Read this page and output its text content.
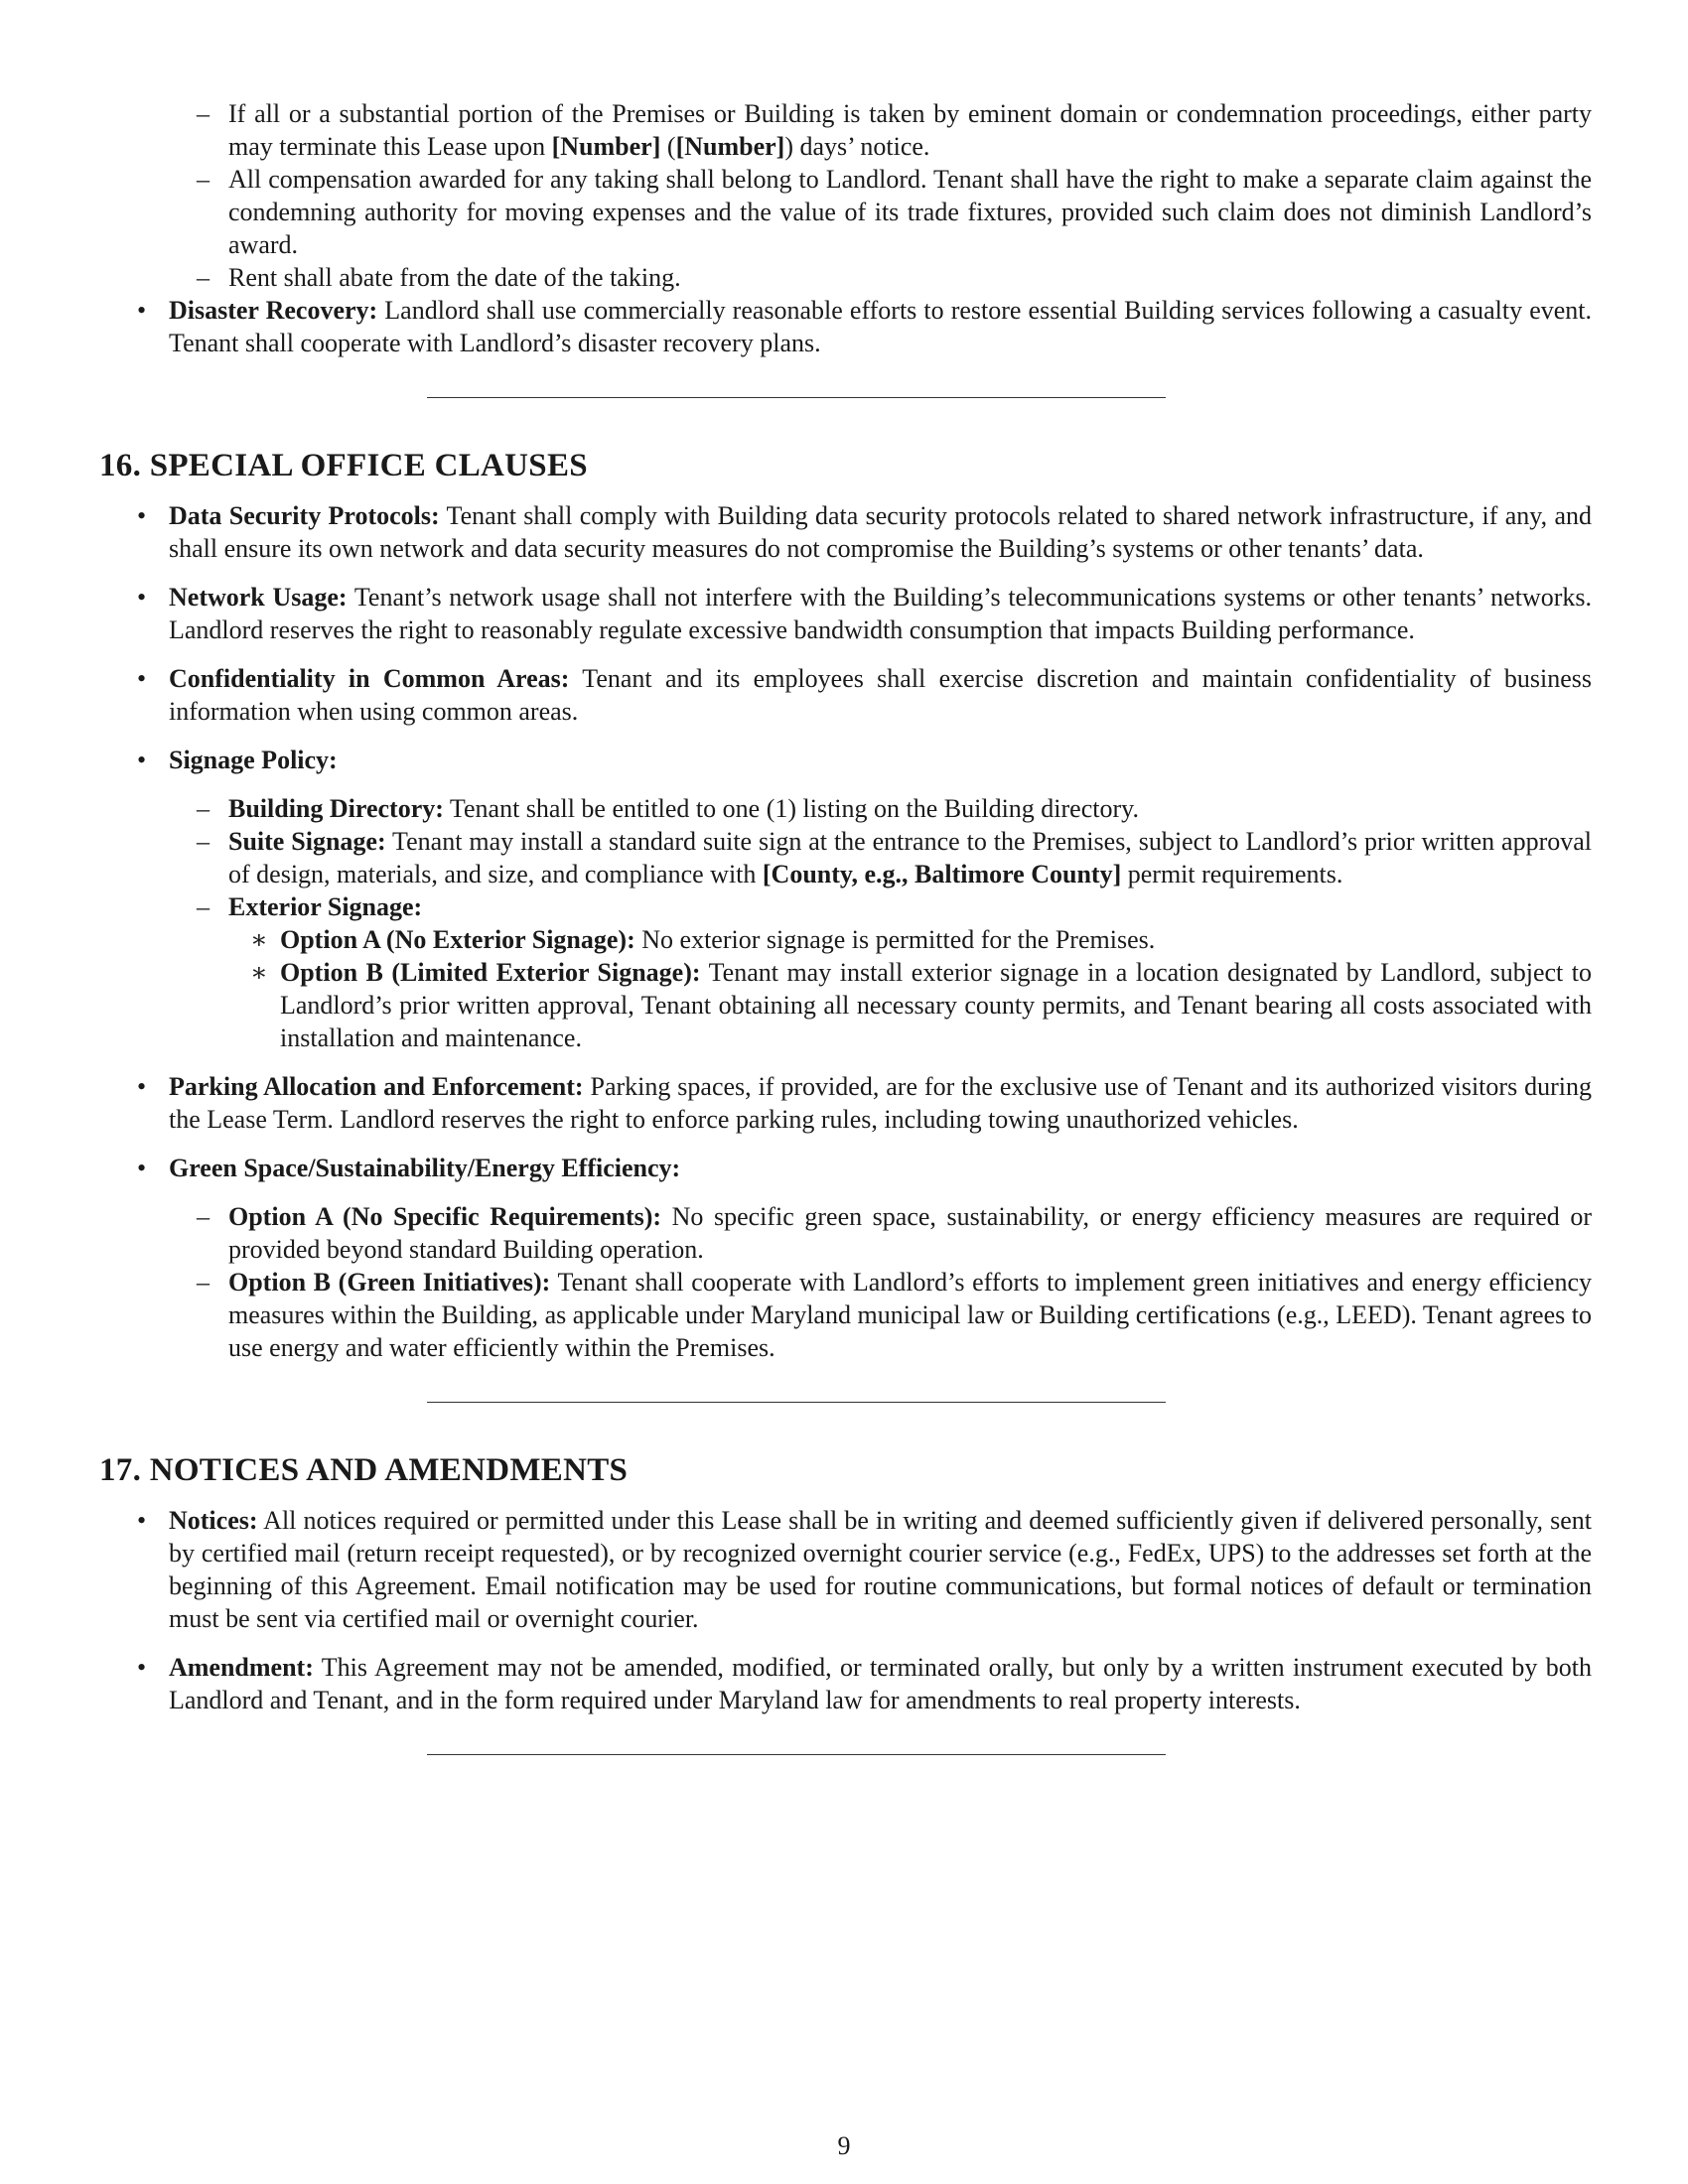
– If all or a substantial portion of the Premises or Building is taken by eminent domain or condemnation proceedings, either party may terminate this Lease upon [Number] ([Number]) days’ notice.
– All compensation awarded for any taking shall belong to Landlord. Tenant shall have the right to make a separate claim against the condemning authority for moving expenses and the value of its trade fixtures, provided such claim does not diminish Landlord’s award.
– Rent shall abate from the date of the taking.
• Disaster Recovery: Landlord shall use commercially reasonable efforts to restore essential Building services following a casualty event. Tenant shall cooperate with Landlord’s disaster recovery plans.
16. SPECIAL OFFICE CLAUSES
• Data Security Protocols: Tenant shall comply with Building data security protocols related to shared network infrastructure, if any, and shall ensure its own network and data security measures do not compromise the Building’s systems or other tenants’ data.
• Network Usage: Tenant’s network usage shall not interfere with the Building’s telecommunications systems or other tenants’ networks. Landlord reserves the right to reasonably regulate excessive bandwidth consumption that impacts Building performance.
• Confidentiality in Common Areas: Tenant and its employees shall exercise discretion and maintain confidentiality of business information when using common areas.
• Signage Policy:
– Building Directory: Tenant shall be entitled to one (1) listing on the Building directory.
– Suite Signage: Tenant may install a standard suite sign at the entrance to the Premises, subject to Landlord’s prior written approval of design, materials, and size, and compliance with [County, e.g., Baltimore County] permit requirements.
– Exterior Signage:
∗ Option A (No Exterior Signage): No exterior signage is permitted for the Premises.
∗ Option B (Limited Exterior Signage): Tenant may install exterior signage in a location designated by Landlord, subject to Landlord’s prior written approval, Tenant obtaining all necessary county permits, and Tenant bearing all costs associated with installation and maintenance.
• Parking Allocation and Enforcement: Parking spaces, if provided, are for the exclusive use of Tenant and its authorized visitors during the Lease Term. Landlord reserves the right to enforce parking rules, including towing unauthorized vehicles.
• Green Space/Sustainability/Energy Efficiency:
– Option A (No Specific Requirements): No specific green space, sustainability, or energy efficiency measures are required or provided beyond standard Building operation.
– Option B (Green Initiatives): Tenant shall cooperate with Landlord’s efforts to implement green initiatives and energy efficiency measures within the Building, as applicable under Maryland municipal law or Building certifications (e.g., LEED). Tenant agrees to use energy and water efficiently within the Premises.
17. NOTICES AND AMENDMENTS
• Notices: All notices required or permitted under this Lease shall be in writing and deemed sufficiently given if delivered personally, sent by certified mail (return receipt requested), or by recognized overnight courier service (e.g., FedEx, UPS) to the addresses set forth at the beginning of this Agreement. Email notification may be used for routine communications, but formal notices of default or termination must be sent via certified mail or overnight courier.
• Amendment: This Agreement may not be amended, modified, or terminated orally, but only by a written instrument executed by both Landlord and Tenant, and in the form required under Maryland law for amendments to real property interests.
9
